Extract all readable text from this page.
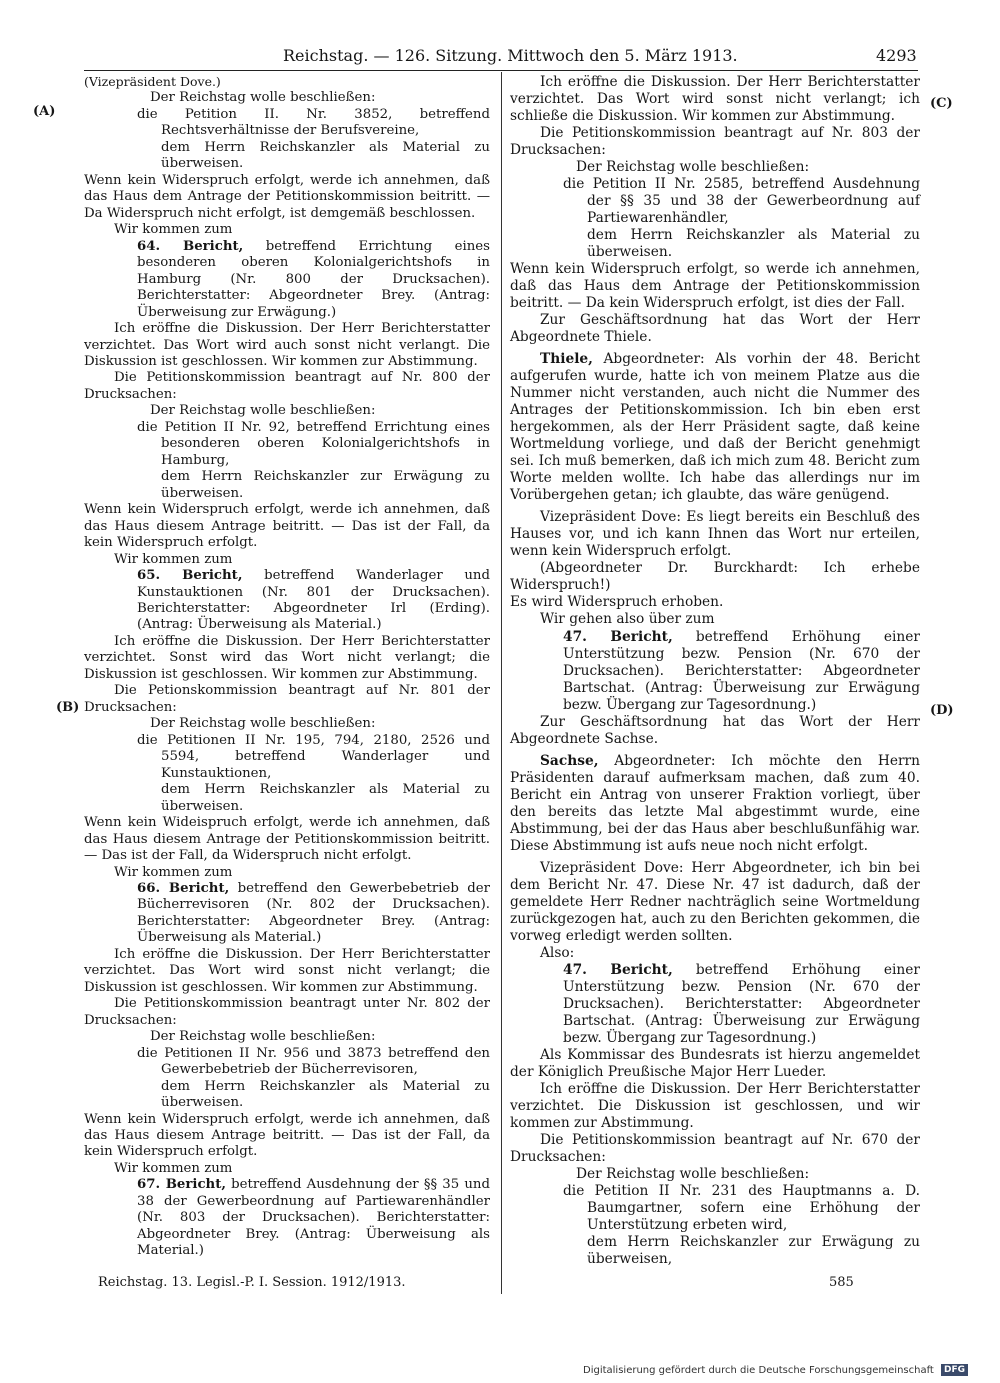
Reichstag. — 126. Sitzung. Mittwoch den 5. März 1913.	4293
(A)
(B)
(C)
(D)

(Vizepräsident Dove.)

Der Reichstag wolle beschließen:

die Petition II. Nr. 3852, betreffend Rechtsverhältnisse der Berufsvereine,

dem Herrn Reichskanzler als Material zu überweisen.

Wenn kein Widerspruch erfolgt, werde ich annehmen, daß das Haus dem Antrage der Petitionskommission beitritt. — Da Widerspruch nicht erfolgt, ist demgemäß beschlossen.

Wir kommen zum

64. Bericht, betreffend Errichtung eines besonderen oberen Kolonialgerichtshofs in Hamburg (Nr. 800 der Drucksachen). Berichterstatter: Abgeordneter Brey. (Antrag: Überweisung zur Erwägung.)

Ich eröffne die Diskussion. Der Herr Berichterstatter verzichtet. Das Wort wird auch sonst nicht verlangt. Die Diskussion ist geschlossen. Wir kommen zur Abstimmung.

Die Petitionskommission beantragt auf Nr. 800 der Drucksachen:

Der Reichstag wolle beschließen:

die Petition II Nr. 92, betreffend Errichtung eines besonderen oberen Kolonialgerichtshofs in Hamburg,

dem Herrn Reichskanzler zur Erwägung zu überweisen.

Wenn kein Widerspruch erfolgt, werde ich annehmen, daß das Haus diesem Antrage beitritt. — Das ist der Fall, da kein Widerspruch erfolgt.

Wir kommen zum

65. Bericht, betreffend Wanderlager und Kunstauktionen (Nr. 801 der Drucksachen). Berichterstatter: Abgeordneter Irl (Erding). (Antrag: Überweisung als Material.)

Ich eröffne die Diskussion. Der Herr Berichterstatter verzichtet. Sonst wird das Wort nicht verlangt; die Diskussion ist geschlossen. Wir kommen zur Abstimmung.

Die Petionskommission beantragt auf Nr. 801 der Drucksachen:

Der Reichstag wolle beschließen:

die Petitionen II Nr. 195, 794, 2180, 2526 und 5594, betreffend Wanderlager und Kunstauktionen,

dem Herrn Reichskanzler als Material zu überweisen.

Wenn kein Wideispruch erfolgt, werde ich annehmen, daß das Haus diesem Antrage der Petitionskommission beitritt. — Das ist der Fall, da Widerspruch nicht erfolgt.

Wir kommen zum

66. Bericht, betreffend den Gewerbebetrieb der Bücherrevisoren (Nr. 802 der Drucksachen). Berichterstatter: Abgeordneter Brey. (Antrag: Überweisung als Material.)

Ich eröffne die Diskussion. Der Herr Berichterstatter verzichtet. Das Wort wird sonst nicht verlangt; die Diskussion ist geschlossen. Wir kommen zur Abstimmung.

Die Petitionskommission beantragt unter Nr. 802 der Drucksachen:

Der Reichstag wolle beschließen:

die Petitionen II Nr. 956 und 3873 betreffend den Gewerbebetrieb der Bücherrevisoren,

dem Herrn Reichskanzler als Material zu überweisen.

Wenn kein Widerspruch erfolgt, werde ich annehmen, daß das Haus diesem Antrage beitritt. — Das ist der Fall, da kein Widerspruch erfolgt.

Wir kommen zum

67. Bericht, betreffend Ausdehnung der §§ 35 und 38 der Gewerbeordnung auf Partiewarenhändler (Nr. 803 der Drucksachen). Berichterstatter: Abgeordneter Brey. (Antrag: Überweisung als Material.)

Ich eröffne die Diskussion. Der Herr Berichterstatter verzichtet. Das Wort wird sonst nicht verlangt; ich schließe die Diskussion. Wir kommen zur Abstimmung.

Die Petitionskommission beantragt auf Nr. 803 der Drucksachen:

Der Reichstag wolle beschließen:

die Petition II Nr. 2585, betreffend Ausdehnung der §§ 35 und 38 der Gewerbeordnung auf Partiewarenhändler,

dem Herrn Reichskanzler als Material zu überweisen.

Wenn kein Widerspruch erfolgt, so werde ich annehmen, daß das Haus dem Antrage der Petitionskommission beitritt. — Da kein Widerspruch erfolgt, ist dies der Fall.

Zur Geschäftsordnung hat das Wort der Herr Abgeordnete Thiele.

Thiele, Abgeordneter: Als vorhin der 48. Bericht aufgerufen wurde, hatte ich von meinem Platze aus die Nummer nicht verstanden, auch nicht die Nummer des Antrages der Petitionskommission. Ich bin eben erst hergekommen, als der Herr Präsident sagte, daß keine Wortmeldung vorliege, und daß der Bericht genehmigt sei. Ich muß bemerken, daß ich mich zum 48. Bericht zum Worte melden wollte. Ich habe das allerdings nur im Vorübergehen getan; ich glaubte, das wäre genügend.

Vizepräsident Dove: Es liegt bereits ein Beschluß des Hauses vor, und ich kann Ihnen das Wort nur erteilen, wenn kein Widerspruch erfolgt.

(Abgeordneter Dr. Burckhardt: Ich erhebe Widerspruch!)

Es wird Widerspruch erhoben.

Wir gehen also über zum

47. Bericht, betreffend Erhöhung einer Unterstützung bezw. Pension (Nr. 670 der Drucksachen). Berichterstatter: Abgeordneter Bartschat. (Antrag: Überweisung zur Erwägung bezw. Übergang zur Tagesordnung.)

Zur Geschäftsordnung hat das Wort der Herr Abgeordnete Sachse.

Sachse, Abgeordneter: Ich möchte den Herrn Präsidenten darauf aufmerksam machen, daß zum 40. Bericht ein Antrag von unserer Fraktion vorliegt, über den bereits das letzte Mal abgestimmt wurde, eine Abstimmung, bei der das Haus aber beschlußunfähig war. Diese Abstimmung ist aufs neue noch nicht erfolgt.

Vizepräsident Dove: Herr Abgeordneter, ich bin bei dem Bericht Nr. 47. Diese Nr. 47 ist dadurch, daß der gemeldete Herr Redner nachträglich seine Wortmeldung zurückgezogen hat, auch zu den Berichten gekommen, die vorweg erledigt werden sollten.

Also:

47. Bericht, betreffend Erhöhung einer Unterstützung bezw. Pension (Nr. 670 der Drucksachen). Berichterstatter: Abgeordneter Bartschat. (Antrag: Überweisung zur Erwägung bezw. Übergang zur Tagesordnung.)

Als Kommissar des Bundesrats ist hierzu angemeldet der Königlich Preußische Major Herr Lueder.

Ich eröffne die Diskussion. Der Herr Berichterstatter verzichtet. Die Diskussion ist geschlossen, und wir kommen zur Abstimmung.

Die Petitionskommission beantragt auf Nr. 670 der Drucksachen:

Der Reichstag wolle beschließen:

die Petition II Nr. 231 des Hauptmanns a. D. Baumgartner, sofern eine Erhöhung der Unterstützung erbeten wird,

dem Herrn Reichskanzler zur Erwägung zu überweisen,

Reichstag. 13. Legisl.-P. I. Session. 1912/1913.	585
Digitalisierung gefördert durch die Deutsche Forschungsgemeinschaft DFG
